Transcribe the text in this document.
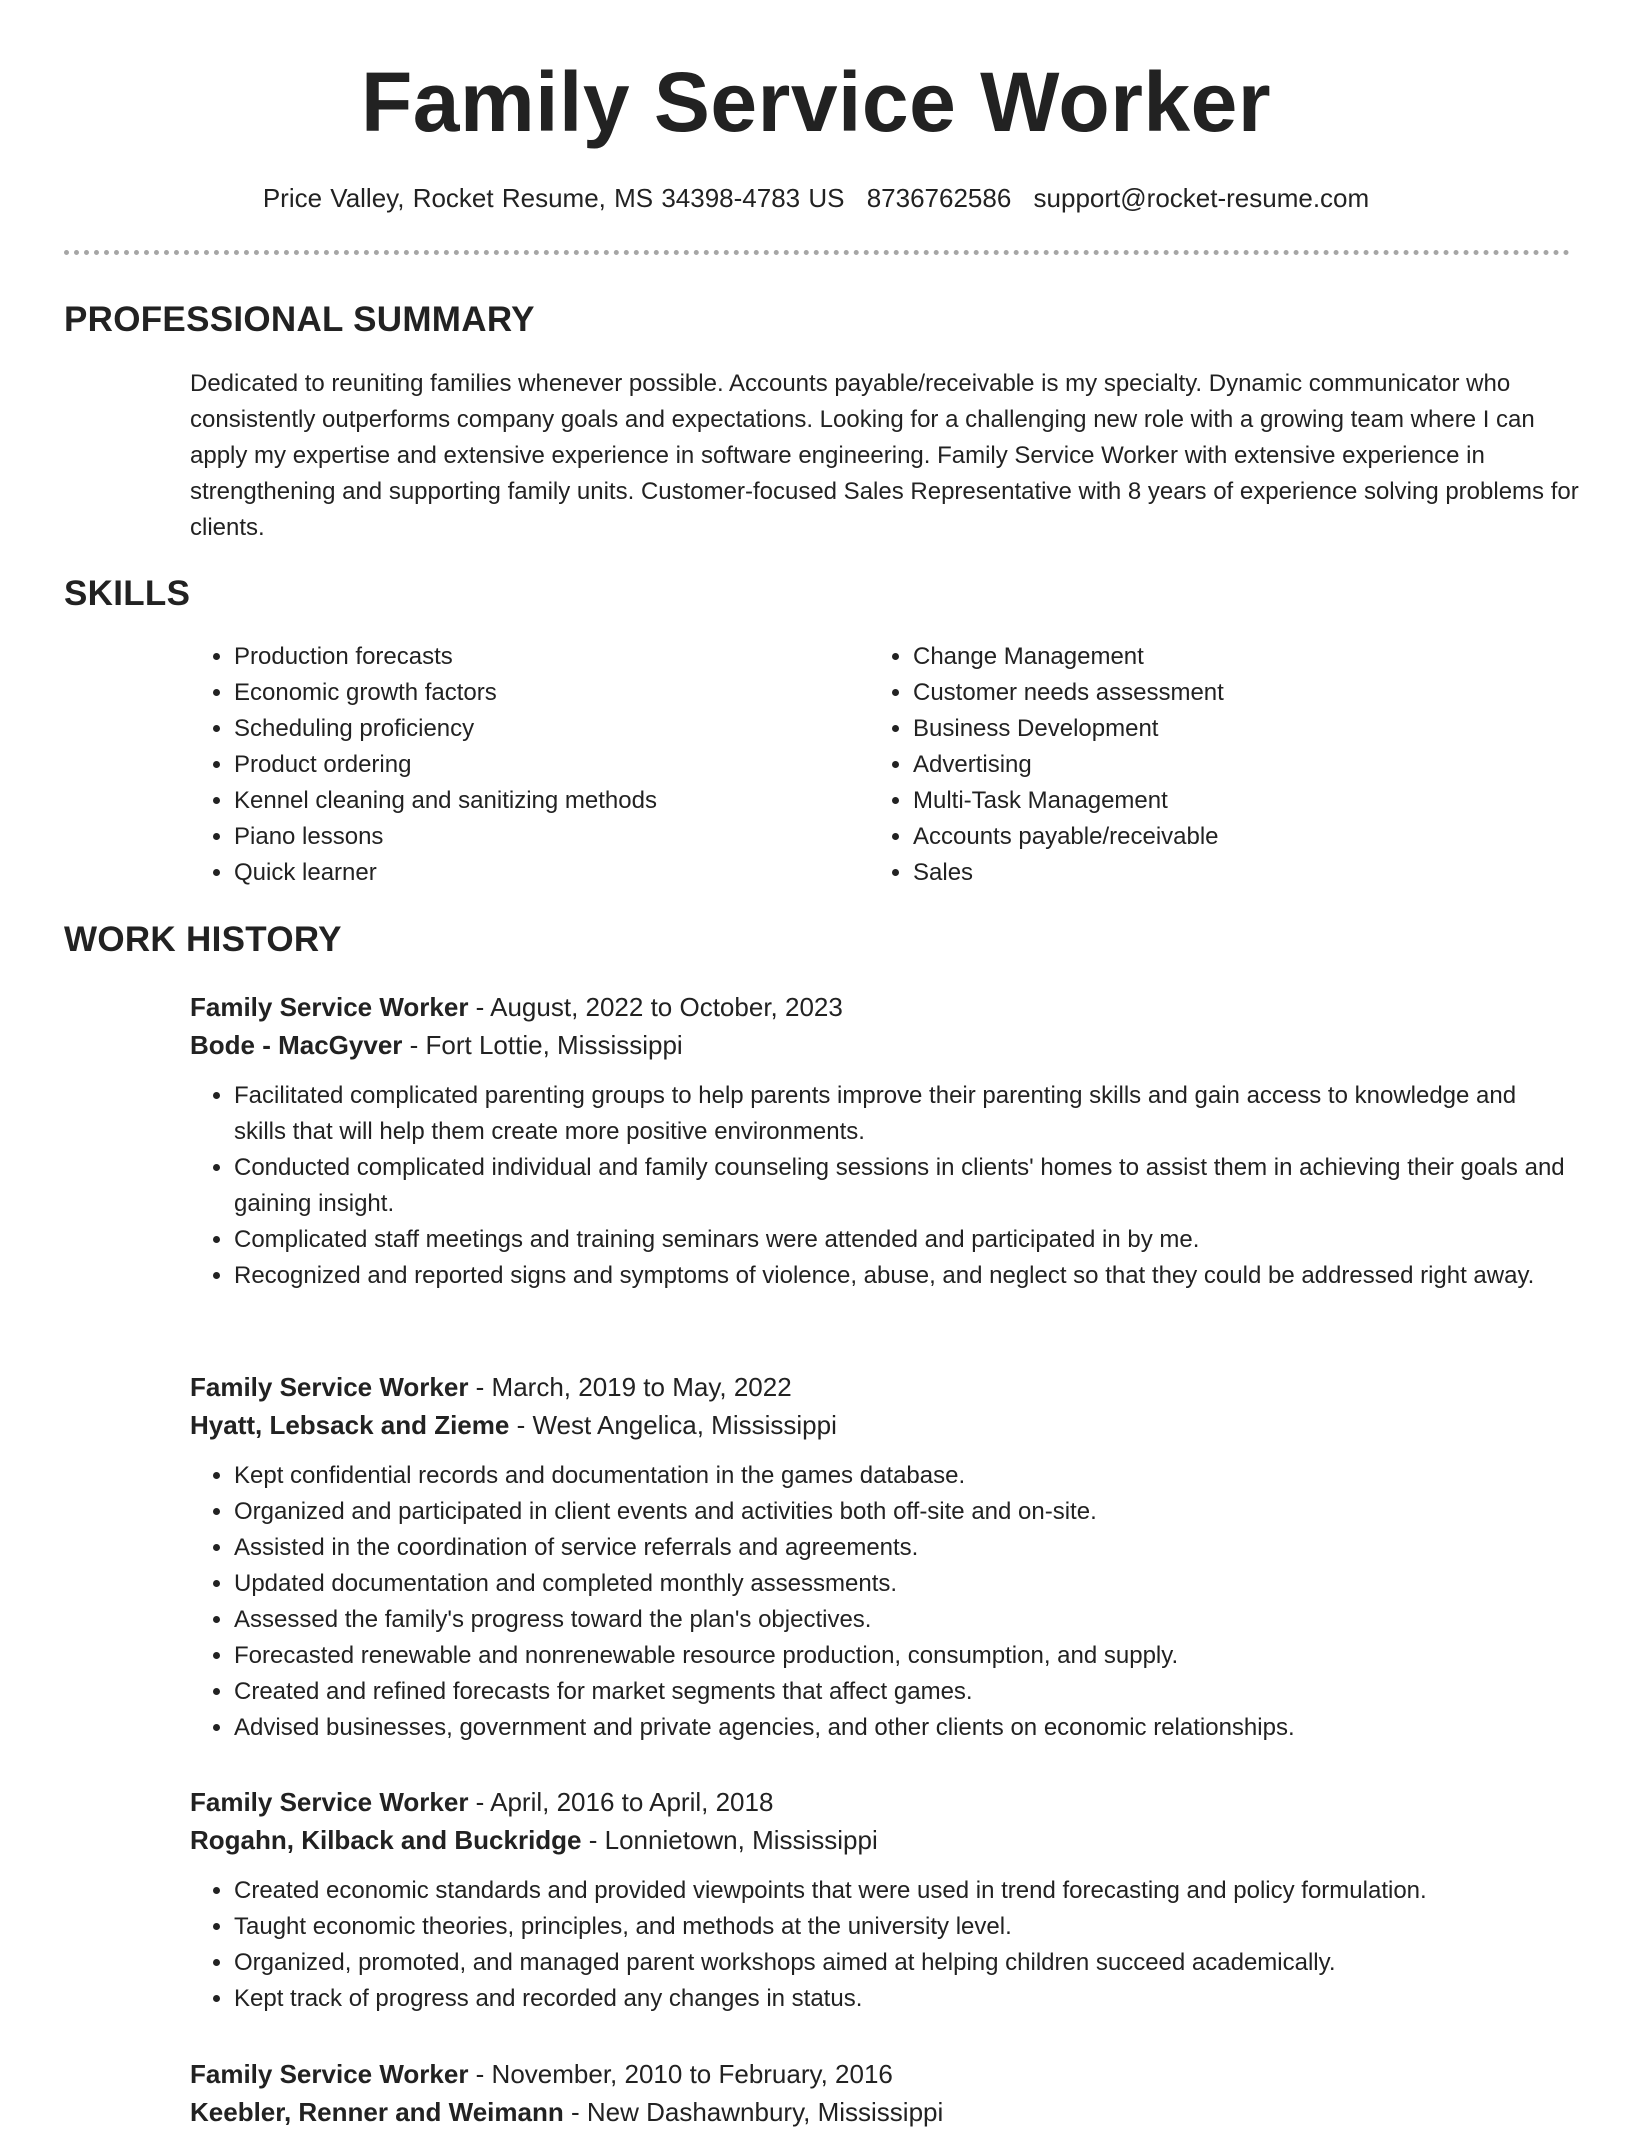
Family Service Worker
Price Valley, Rocket Resume, MS 34398-4783 US 8736762586 support@rocket-resume.com
PROFESSIONAL SUMMARY

Dedicated to reuniting families whenever possible. Accounts payable/receivable is my specialty. Dynamic communicator who consistently outperforms company goals and expectations. Looking for a challenging new role with a growing team where I can apply my expertise and extensive experience in software engineering. Family Service Worker with extensive experience in strengthening and supporting family units. Customer-focused Sales Representative with 8 years of experience solving problems for clients.

SKILLS
• Production forecasts
• Economic growth factors
• Scheduling proficiency
• Product ordering
• Kennel cleaning and sanitizing methods
• Piano lessons
• Quick learner
• Change Management
• Customer needs assessment
• Business Development
• Advertising
• Multi-Task Management
• Accounts payable/receivable
• Sales
WORK HISTORY
Family Service Worker - August, 2022 to October, 2023
Bode - MacGyver - Fort Lottie, Mississippi
• Facilitated complicated parenting groups to help parents improve their parenting skills and gain access to knowledge and skills that will help them create more positive environments.
• Conducted complicated individual and family counseling sessions in clients' homes to assist them in achieving their goals and gaining insight.
• Complicated staff meetings and training seminars were attended and participated in by me.
• Recognized and reported signs and symptoms of violence, abuse, and neglect so that they could be addressed right away.
Family Service Worker - March, 2019 to May, 2022
Hyatt, Lebsack and Zieme - West Angelica, Mississippi
• Kept confidential records and documentation in the games database.
• Organized and participated in client events and activities both off-site and on-site.
• Assisted in the coordination of service referrals and agreements.
• Updated documentation and completed monthly assessments.
• Assessed the family's progress toward the plan's objectives.
• Forecasted renewable and nonrenewable resource production, consumption, and supply.
• Created and refined forecasts for market segments that affect games.
• Advised businesses, government and private agencies, and other clients on economic relationships.
Family Service Worker - April, 2016 to April, 2018
Rogahn, Kilback and Buckridge - Lonnietown, Mississippi
• Created economic standards and provided viewpoints that were used in trend forecasting and policy formulation.
• Taught economic theories, principles, and methods at the university level.
• Organized, promoted, and managed parent workshops aimed at helping children succeed academically.
• Kept track of progress and recorded any changes in status.
Family Service Worker - November, 2010 to February, 2016
Keebler, Renner and Weimann - New Dashawnbury, Mississippi
